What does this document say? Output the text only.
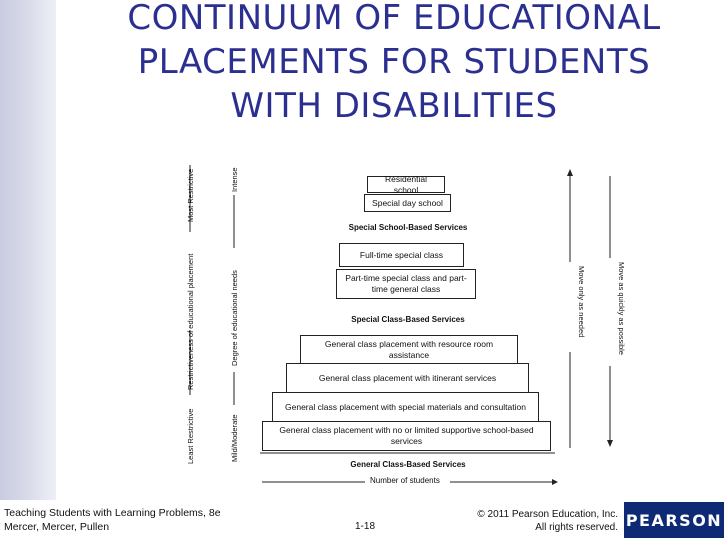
CONTINUUM OF EDUCATIONAL
PLACEMENTS FOR STUDENTS
WITH DISABILITIES
Least Restrictive
Restrictiveness of educational placement
Most Restrictive
Mild/Moderate
Degree of educational needs
Intense	Residential school
Special day school
Special School-Based Services
Full-time special class
Part-time special class and part-time general class
Special Class-Based Services
General class placement with resource room assistance
General class placement with itinerant services
General class placement with special materials and consultation
General class placement with no or limited supportive school-based services
General Class-Based Services
Number of students
Move only as needed	Move as quickly as possible
Teaching Students with Learning Problems, 8e
Mercer, Mercer, Pullen	1-18
© 2011 Pearson Education, Inc.
All rights reserved. PEARSON
